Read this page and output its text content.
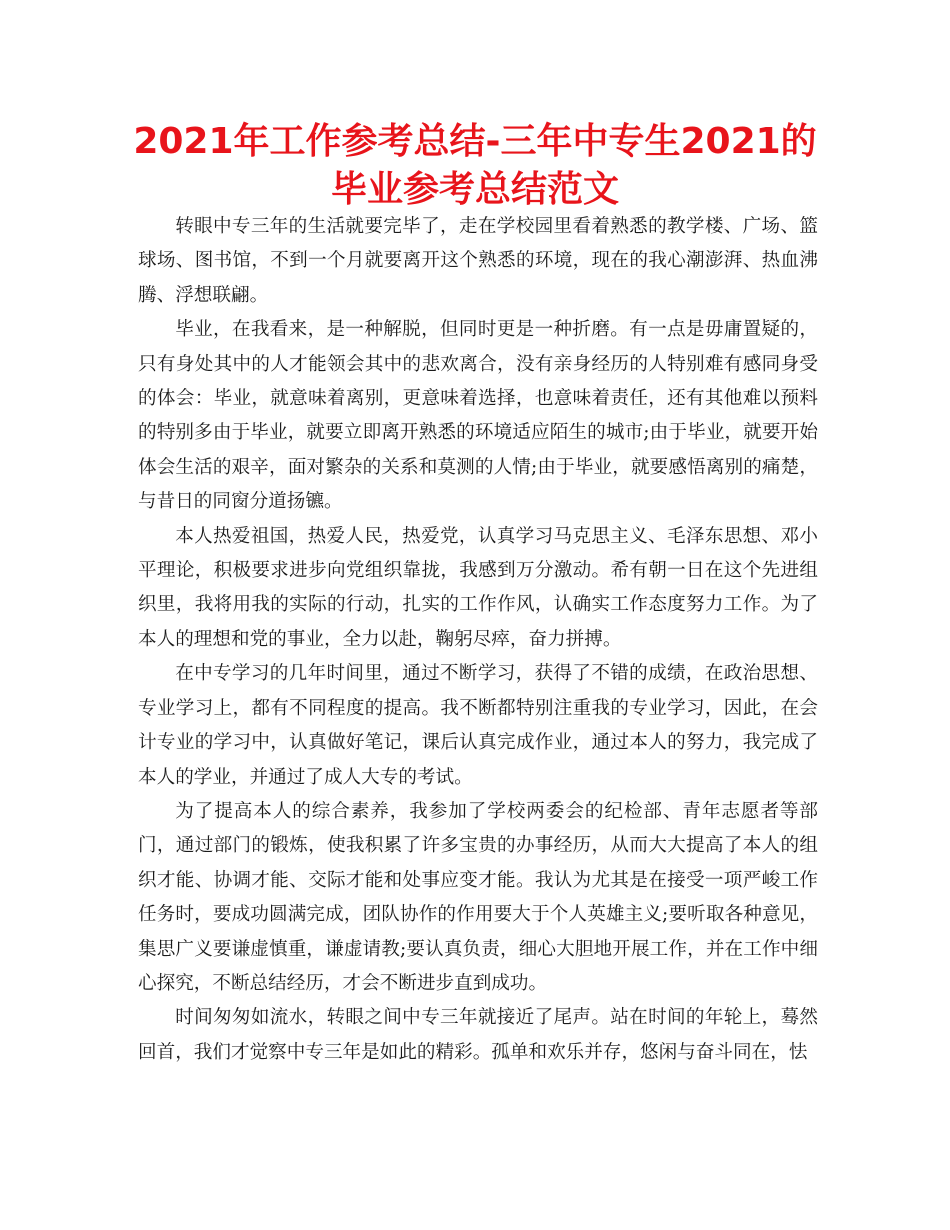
2021年工作参考总结-三年中专生2021的毕业参考总结范文

转眼中专三年的生活就要完毕了，走在学校园里看着熟悉的教学楼、广场、篮球场、图书馆，不到一个月就要离开这个熟悉的环境，现在的我心潮澎湃、热血沸腾、浮想联翩。

毕业，在我看来，是一种解脱，但同时更是一种折磨。有一点是毋庸置疑的，只有身处其中的人才能领会其中的悲欢离合，没有亲身经历的人特别难有感同身受的体会：毕业，就意味着离别，更意味着选择，也意味着责任，还有其他难以预料的特别多由于毕业，就要立即离开熟悉的环境适应陌生的城市;由于毕业，就要开始体会生活的艰辛，面对繁杂的关系和莫测的人情;由于毕业，就要感悟离别的痛楚，与昔日的同窗分道扬镳。

本人热爱祖国，热爱人民，热爱党，认真学习马克思主义、毛泽东思想、邓小平理论，积极要求进步向党组织靠拢，我感到万分激动。希有朝一日在这个先进组织里，我将用我的实际的行动，扎实的工作作风，认确实工作态度努力工作。为了本人的理想和党的事业，全力以赴，鞠躬尽瘁，奋力拼搏。

在中专学习的几年时间里，通过不断学习，获得了不错的成绩，在政治思想、专业学习上，都有不同程度的提高。我不断都特别注重我的专业学习，因此，在会计专业的学习中，认真做好笔记，课后认真完成作业，通过本人的努力，我完成了本人的学业，并通过了成人大专的考试。

为了提高本人的综合素养，我参加了学校两委会的纪检部、青年志愿者等部门，通过部门的锻炼，使我积累了许多宝贵的办事经历，从而大大提高了本人的组织才能、协调才能、交际才能和处事应变才能。我认为尤其是在接受一项严峻工作任务时，要成功圆满完成，团队协作的作用要大于个人英雄主义;要听取各种意见，集思广义要谦虚慎重，谦虚请教;要认真负责，细心大胆地开展工作，并在工作中细心探究，不断总结经历，才会不断进步直到成功。

时间匆匆如流水，转眼之间中专三年就接近了尾声。站在时间的年轮上，蓦然回首，我们才觉察中专三年是如此的精彩。孤单和欢乐并存，悠闲与奋斗同在，怯
